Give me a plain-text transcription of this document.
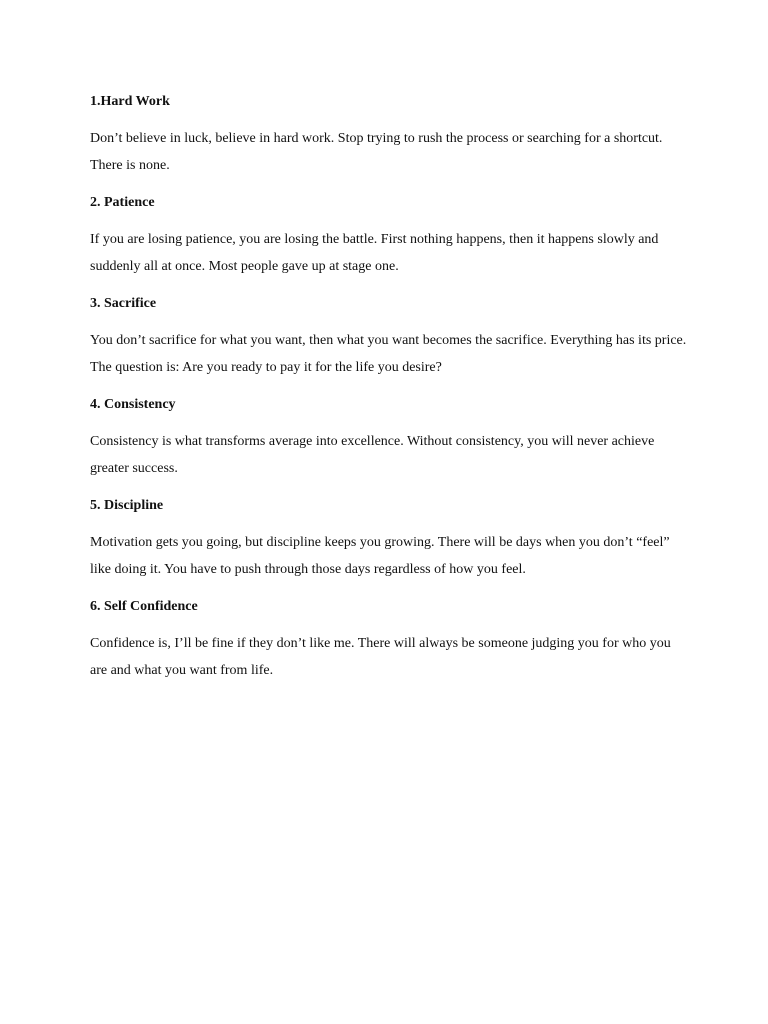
1.Hard Work

Don’t believe in luck, believe in hard work. Stop trying to rush the process or searching for a shortcut. There is none.

2. Patience

If you are losing patience, you are losing the battle. First nothing happens, then it happens slowly and suddenly all at once. Most people gave up at stage one.

3. Sacrifice

You don’t sacrifice for what you want, then what you want becomes the sacrifice. Everything has its price. The question is: Are you ready to pay it for the life you desire?

4. Consistency

Consistency is what transforms average into excellence. Without consistency, you will never achieve greater success.

5. Discipline

Motivation gets you going, but discipline keeps you growing. There will be days when you don’t “feel” like doing it. You have to push through those days regardless of how you feel.

6. Self Confidence

Confidence is, I’ll be fine if they don’t like me. There will always be someone judging you for who you are and what you want from life.
